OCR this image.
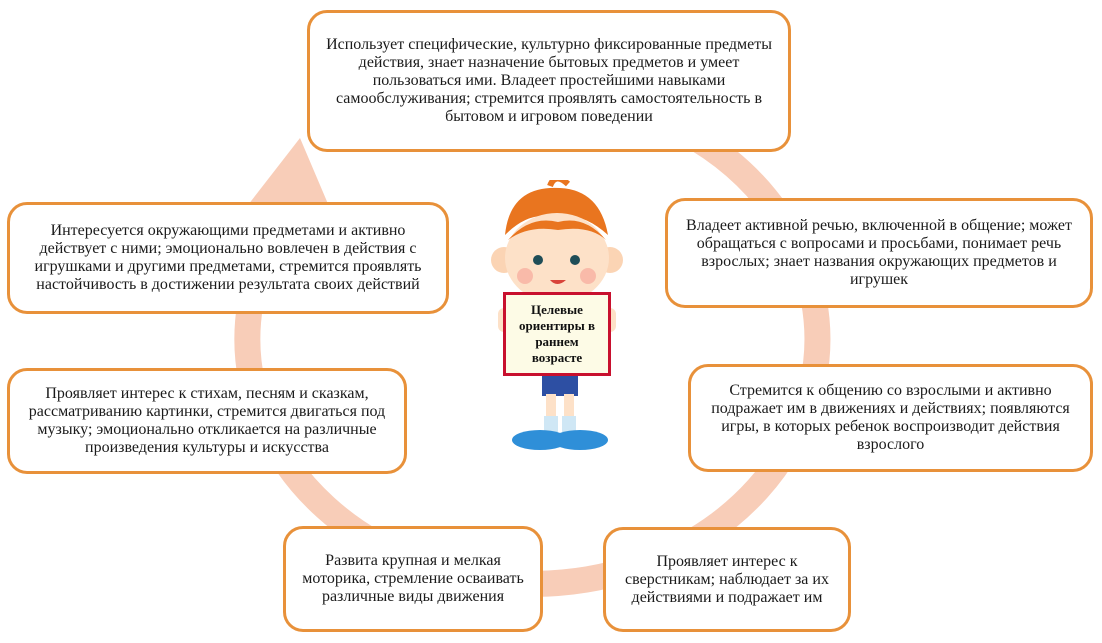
Целевые ориентиры в раннем возрасте
Использует специфические, культурно фиксированные предметы действия, знает назначение бытовых предметов и умеет пользоваться ими. Владеет простейшими навыками самообслуживания; стремится проявлять самостоятельность в бытовом и игровом поведении
Владеет активной речью, включенной в общение; может обращаться с вопросами и просьбами, понимает речь взрослых; знает названия окружающих предметов и игрушек
Стремится к общению со взрослыми и активно подражает им в движениях и действиях; появляются игры, в которых ребенок воспроизводит действия взрослого
Проявляет интерес к сверстникам; наблюдает за их действиями и подражает им
Развита крупная и мелкая моторика, стремление осваивать различные виды движения
Проявляет интерес к стихам, песням и сказкам, рассматриванию картинки, стремится двигаться под музыку; эмоционально откликается на различные произведения культуры и искусства
Интересуется окружающими предметами и активно действует с ними; эмоционально вовлечен в действия с игрушками и другими предметами, стремится проявлять настойчивость в достижении результата своих действий
